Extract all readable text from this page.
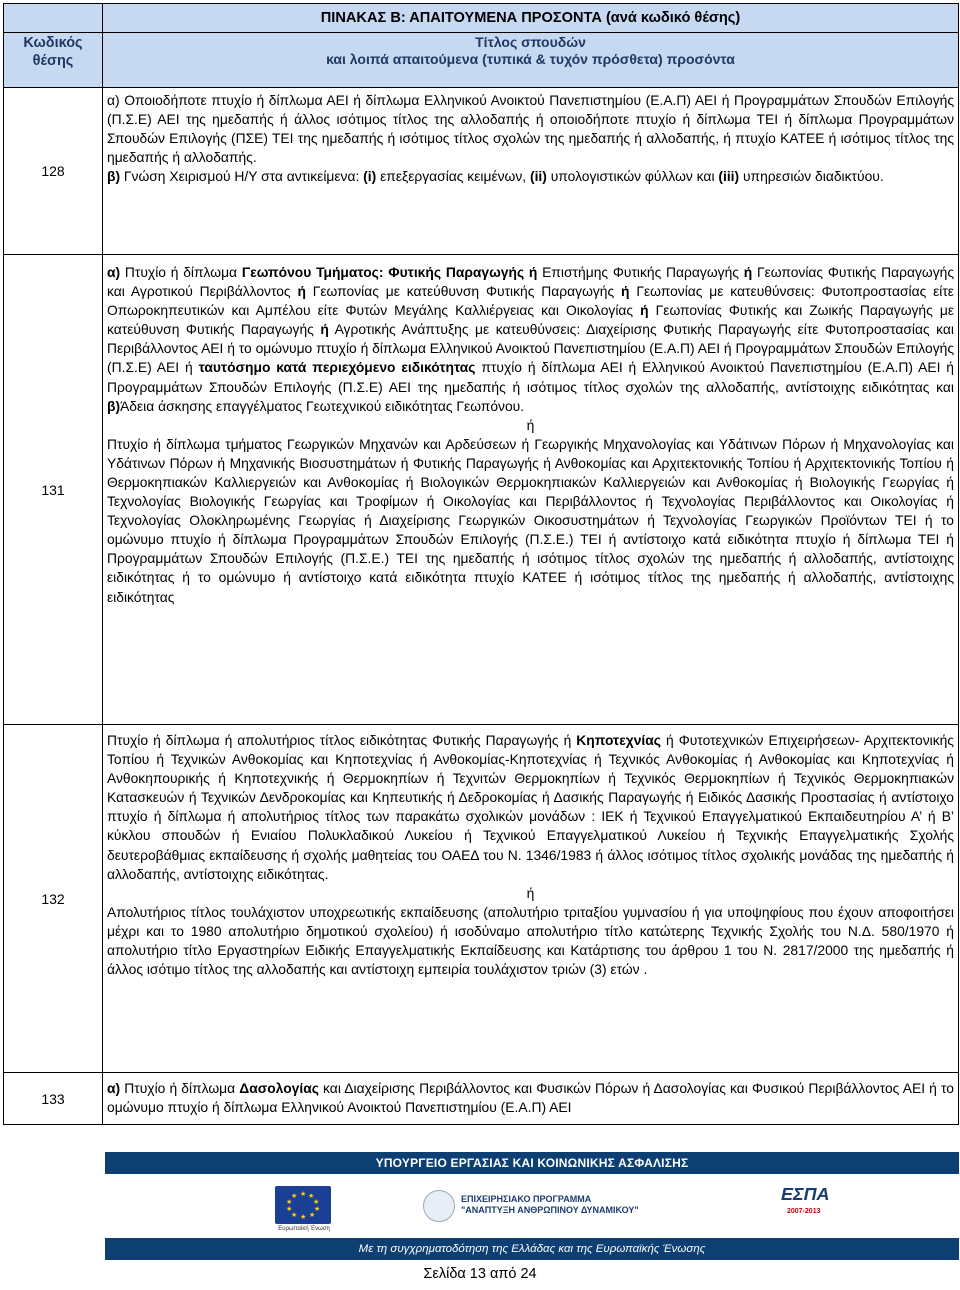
	ΠΙΝΑΚΑΣ Β: ΑΠΑΙΤΟΥΜΕΝΑ ΠΡΟΣΟΝΤΑ (ανά κωδικό θέσης)
Κωδικός
θέσης	Τίτλος σπουδών
και λοιπά απαιτούμενα (τυπικά & τυχόν πρόσθετα) προσόντα
128	α) Οποιοδήποτε πτυχίο ή δίπλωμα ΑΕΙ ή δίπλωμα Ελληνικού Ανοικτού Πανεπιστημίου (Ε.Α.Π) ΑΕΙ ή Προγραμμάτων Σπουδών Επιλογής (Π.Σ.Ε) ΑΕΙ της ημεδαπής ή άλλος ισότιμος τίτλος της αλλοδαπής ή οποιοδήποτε πτυχίο ή δίπλωμα ΤΕΙ ή δίπλωμα Προγραμμάτων Σπουδών Επιλογής (ΠΣΕ) ΤΕΙ της ημεδαπής ή ισότιμος τίτλος σχολών της ημεδαπής ή αλλοδαπής, ή πτυχίο ΚΑΤΕΕ ή ισότιμος τίτλος της ημεδαπής ή αλλοδαπής.

β) Γνώση Χειρισμού Η/Υ στα αντικείμενα: (i) επεξεργασίας κειμένων, (ii) υπολογιστικών φύλλων και (iii) υπηρεσιών διαδικτύου.

131	α) Πτυχίο ή δίπλωμα Γεωπόνου Τμήματος: Φυτικής Παραγωγής ή Επιστήμης Φυτικής Παραγωγής ή Γεωπονίας Φυτικής Παραγωγής και Αγροτικού Περιβάλλοντος ή Γεωπονίας με κατεύθυνση Φυτικής Παραγωγής ή Γεωπονίας με κατευθύνσεις: Φυτοπροστασίας είτε Οπωροκηπευτικών και Αμπέλου είτε Φυτών Μεγάλης Καλλιέργειας και Οικολογίας ή Γεωπονίας Φυτικής και Ζωικής Παραγωγής με κατεύθυνση Φυτικής Παραγωγής ή Αγροτικής Ανάπτυξης με κατευθύνσεις: Διαχείρισης Φυτικής Παραγωγής είτε Φυτοπροστασίας και Περιβάλλοντος ΑΕΙ ή το ομώνυμο πτυχίο ή δίπλωμα Ελληνικού Ανοικτού Πανεπιστημίου (Ε.Α.Π) ΑΕΙ ή Προγραμμάτων Σπουδών Επιλογής (Π.Σ.Ε) ΑΕΙ ή ταυτόσημο κατά περιεχόμενο ειδικότητας πτυχίο ή δίπλωμα ΑΕΙ ή Ελληνικού Ανοικτού Πανεπιστημίου (Ε.Α.Π) ΑΕΙ ή Προγραμμάτων Σπουδών Επιλογής (Π.Σ.Ε) ΑΕΙ της ημεδαπής ή ισότιμος τίτλος σχολών της αλλοδαπής, αντίστοιχης ειδικότητας και β)Άδεια άσκησης επαγγέλματος Γεωτεχνικού ειδικότητας Γεωπόνου.

ή

Πτυχίο ή δίπλωμα τμήματος Γεωργικών Μηχανών και Αρδεύσεων ή Γεωργικής Μηχανολογίας και Υδάτινων Πόρων ή Μηχανολογίας και Υδάτινων Πόρων ή Μηχανικής Βιοσυστημάτων ή Φυτικής Παραγωγής ή Ανθοκομίας και Αρχιτεκτονικής Τοπίου ή Αρχιτεκτονικής Τοπίου ή Θερμοκηπιακών Καλλιεργειών και Ανθοκομίας ή Βιολογικών Θερμοκηπιακών Καλλιεργειών και Ανθοκομίας ή Βιολογικής Γεωργίας ή Τεχνολογίας Βιολογικής Γεωργίας και Τροφίμων ή Οικολογίας και Περιβάλλοντος ή Τεχνολογίας Περιβάλλοντος και Οικολογίας ή Τεχνολογίας Ολοκληρωμένης Γεωργίας ή Διαχείρισης Γεωργικών Οικοσυστημάτων ή Τεχνολογίας Γεωργικών Προϊόντων ΤΕΙ ή το ομώνυμο πτυχίο ή δίπλωμα Προγραμμάτων Σπουδών Επιλογής (Π.Σ.Ε.) ΤΕΙ ή αντίστοιχο κατά ειδικότητα πτυχίο ή δίπλωμα ΤΕΙ ή Προγραμμάτων Σπουδών Επιλογής (Π.Σ.Ε.) ΤΕΙ της ημεδαπής ή ισότιμος τίτλος σχολών της ημεδαπής ή αλλοδαπής, αντίστοιχης ειδικότητας ή το ομώνυμο ή αντίστοιχο κατά ειδικότητα πτυχίο ΚΑΤΕΕ ή ισότιμος τίτλος της ημεδαπής ή αλλοδαπής, αντίστοιχης ειδικότητας

132	Πτυχίο ή δίπλωμα ή απολυτήριος τίτλος ειδικότητας Φυτικής Παραγωγής ή Κηποτεχνίας ή Φυτοτεχνικών Επιχειρήσεων- Αρχιτεκτονικής Τοπίου ή Τεχνικών Ανθοκομίας και Κηποτεχνίας ή Ανθοκομίας-Κηποτεχνίας ή Τεχνικός Ανθοκομίας ή Ανθοκομίας και Κηποτεχνίας ή Ανθοκηπουρικής ή Κηποτεχνικής ή Θερμοκηπίων ή Τεχνιτών Θερμοκηπίων ή Τεχνικός Θερμοκηπίων ή Τεχνικός Θερμοκηπιακών Κατασκευών ή Τεχνικών Δενδροκομίας και Κηπευτικής ή Δεδροκομίας ή Δασικής Παραγωγής ή Ειδικός Δασικής Προστασίας ή αντίστοιχο πτυχίο ή δίπλωμα ή απολυτήριος τίτλος των παρακάτω σχολικών μονάδων : ΙΕΚ ή Τεχνικού Επαγγελματικού Εκπαιδευτηρίου Α’ ή Β’ κύκλου σπουδών ή Ενιαίου Πολυκλαδικού Λυκείου ή Τεχνικού Επαγγελματικού Λυκείου ή Τεχνικής Επαγγελματικής Σχολής δευτεροβάθμιας εκπαίδευσης ή σχολής μαθητείας του ΟΑΕΔ του Ν. 1346/1983 ή άλλος ισότιμος τίτλος σχολικής μονάδας της ημεδαπής ή αλλοδαπής, αντίστοιχης ειδικότητας.

ή

Απολυτήριος τίτλος τουλάχιστον υποχρεωτικής εκπαίδευσης (απολυτήριο τριταξίου γυμνασίου ή για υποψηφίους που έχουν αποφοιτήσει μέχρι και το 1980 απολυτήριο δημοτικού σχολείου) ή ισοδύναμο απολυτήριο τίτλο κατώτερης Τεχνικής Σχολής του Ν.Δ. 580/1970 ή απολυτήριο τίτλο Εργαστηρίων Ειδικής Επαγγελματικής Εκπαίδευσης και Κατάρτισης του άρθρου 1 του Ν. 2817/2000 της ημεδαπής ή άλλος ισότιμο τίτλος της αλλοδαπής και αντίστοιχη εμπειρία τουλάχιστον τριών (3) ετών .

133	α) Πτυχίο ή δίπλωμα Δασολογίας και Διαχείρισης Περιβάλλοντος και Φυσικών Πόρων ή Δασολογίας και Φυσικού Περιβάλλοντος ΑΕΙ ή το ομώνυμο πτυχίο ή δίπλωμα Ελληνικού Ανοικτού Πανεπιστημίου (Ε.Α.Π) ΑΕΙ

ΥΠΟΥΡΓΕΙΟ ΕΡΓΑΣΙΑΣ ΚΑΙ ΚΟΙΝΩΝΙΚΗΣ ΑΣΦΑΛΙΣΗΣ
★ ★
★
★
★
★
★
★
★
★
Ευρωπαϊκή Ένωση
ΕΠΙΧΕΙΡΗΣΙΑΚΟ ΠΡΟΓΡΑΜΜΑ
"ΑΝΑΠΤΥΞΗ ΑΝΘΡΩΠΙΝΟΥ ΔΥΝΑΜΙΚΟΥ"
ΕΣΠΑ
2007-2013
Με τη συγχρηματοδότηση της Ελλάδας και της Ευρωπαϊκής Ένωσης
Σελίδα 13 από 24
